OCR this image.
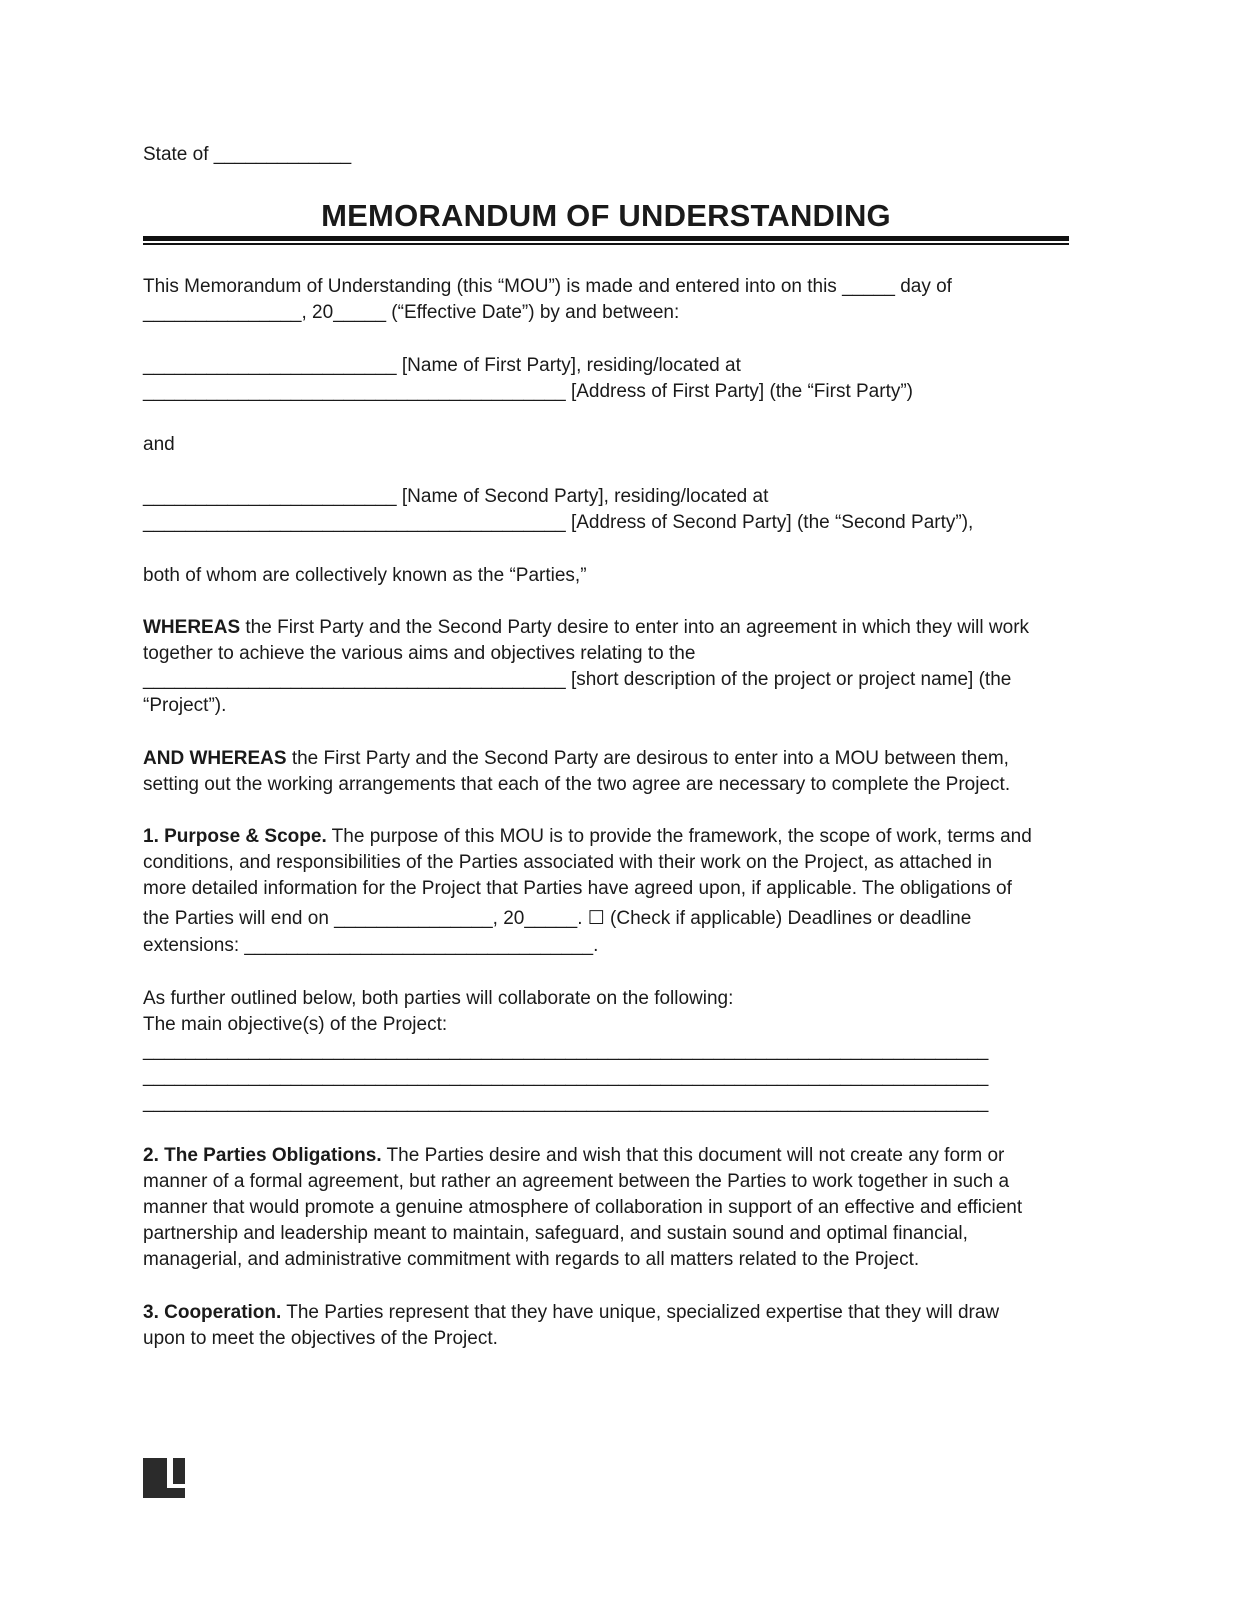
State of _____________
MEMORANDUM OF UNDERSTANDING
This Memorandum of Understanding (this “MOU”) is made and entered into on this _____ day of
_______________, 20_____ (“Effective Date”) by and between:
________________________ [Name of First Party], residing/located at
________________________________________ [Address of First Party] (the “First Party”)
and
________________________ [Name of Second Party], residing/located at
________________________________________ [Address of Second Party] (the “Second Party”),
both of whom are collectively known as the “Parties,”
WHEREAS the First Party and the Second Party desire to enter into an agreement in which they will work
together to achieve the various aims and objectives relating to the
________________________________________ [short description of the project or project name] (the
“Project”).
AND WHEREAS the First Party and the Second Party are desirous to enter into a MOU between them,
setting out the working arrangements that each of the two agree are necessary to complete the Project.
1. Purpose & Scope. The purpose of this MOU is to provide the framework, the scope of work, terms and
conditions, and responsibilities of the Parties associated with their work on the Project, as attached in
more detailed information for the Project that Parties have agreed upon, if applicable. The obligations of
the Parties will end on _______________, 20_____. ☐ (Check if applicable) Deadlines or deadline
extensions: _________________________________.
As further outlined below, both parties will collaborate on the following:
The main objective(s) of the Project:
________________________________________________________________________________
________________________________________________________________________________
________________________________________________________________________________
2. The Parties Obligations. The Parties desire and wish that this document will not create any form or
manner of a formal agreement, but rather an agreement between the Parties to work together in such a
manner that would promote a genuine atmosphere of collaboration in support of an effective and efficient
partnership and leadership meant to maintain, safeguard, and sustain sound and optimal financial,
managerial, and administrative commitment with regards to all matters related to the Project.
3. Cooperation. The Parties represent that they have unique, specialized expertise that they will draw
upon to meet the objectives of the Project.
